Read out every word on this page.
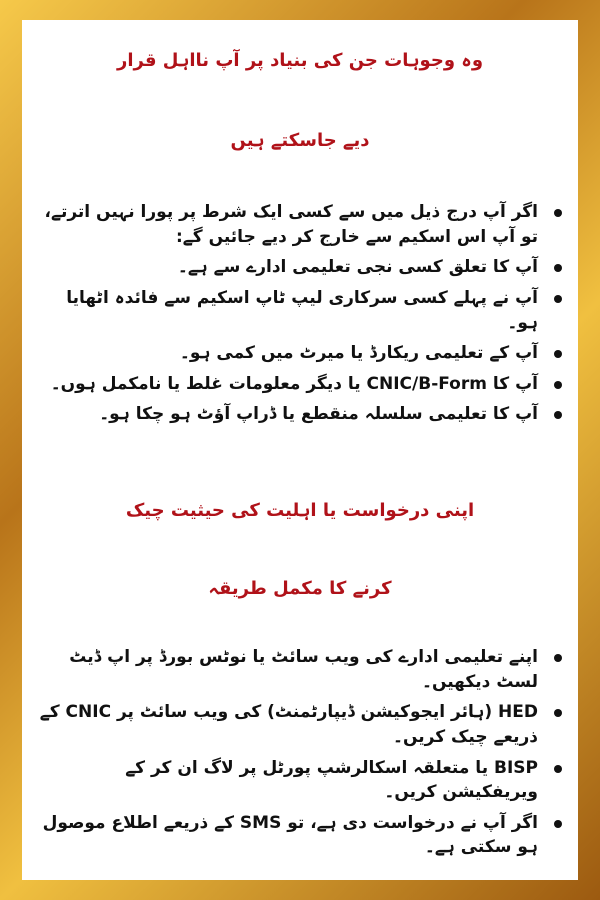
وہ وجوہات جن کی بنیاد پر آپ نااہل قرار
دیے جاسکتے ہیں
اگر آپ درج ذیل میں سے کسی ایک شرط پر پورا نہیں اترتے، تو آپ اس اسکیم سے خارج کر دیے جائیں گے:
آپ کا تعلق کسی نجی تعلیمی ادارے سے ہے۔
آپ نے پہلے کسی سرکاری لیپ ٹاپ اسکیم سے فائدہ اٹھایا ہو۔
آپ کے تعلیمی ریکارڈ یا میرٹ میں کمی ہو۔
آپ کا CNIC/B-Form یا دیگر معلومات غلط یا نامکمل ہوں۔
آپ کا تعلیمی سلسلہ منقطع یا ڈراپ آؤٹ ہو چکا ہو۔
اپنی درخواست یا اہلیت کی حیثیت چیک
کرنے کا مکمل طریقہ
اپنے تعلیمی ادارے کی ویب سائٹ یا نوٹس بورڈ پر اپ ڈیٹ لسٹ دیکھیں۔
HED (ہائر ایجوکیشن ڈیپارٹمنٹ) کی ویب سائٹ پر CNIC کے ذریعے چیک کریں۔
BISP یا متعلقہ اسکالرشپ پورٹل پر لاگ ان کر کے ویریفکیشن کریں۔
اگر آپ نے درخواست دی ہے، تو SMS کے ذریعے اطلاع موصول ہو سکتی ہے۔
